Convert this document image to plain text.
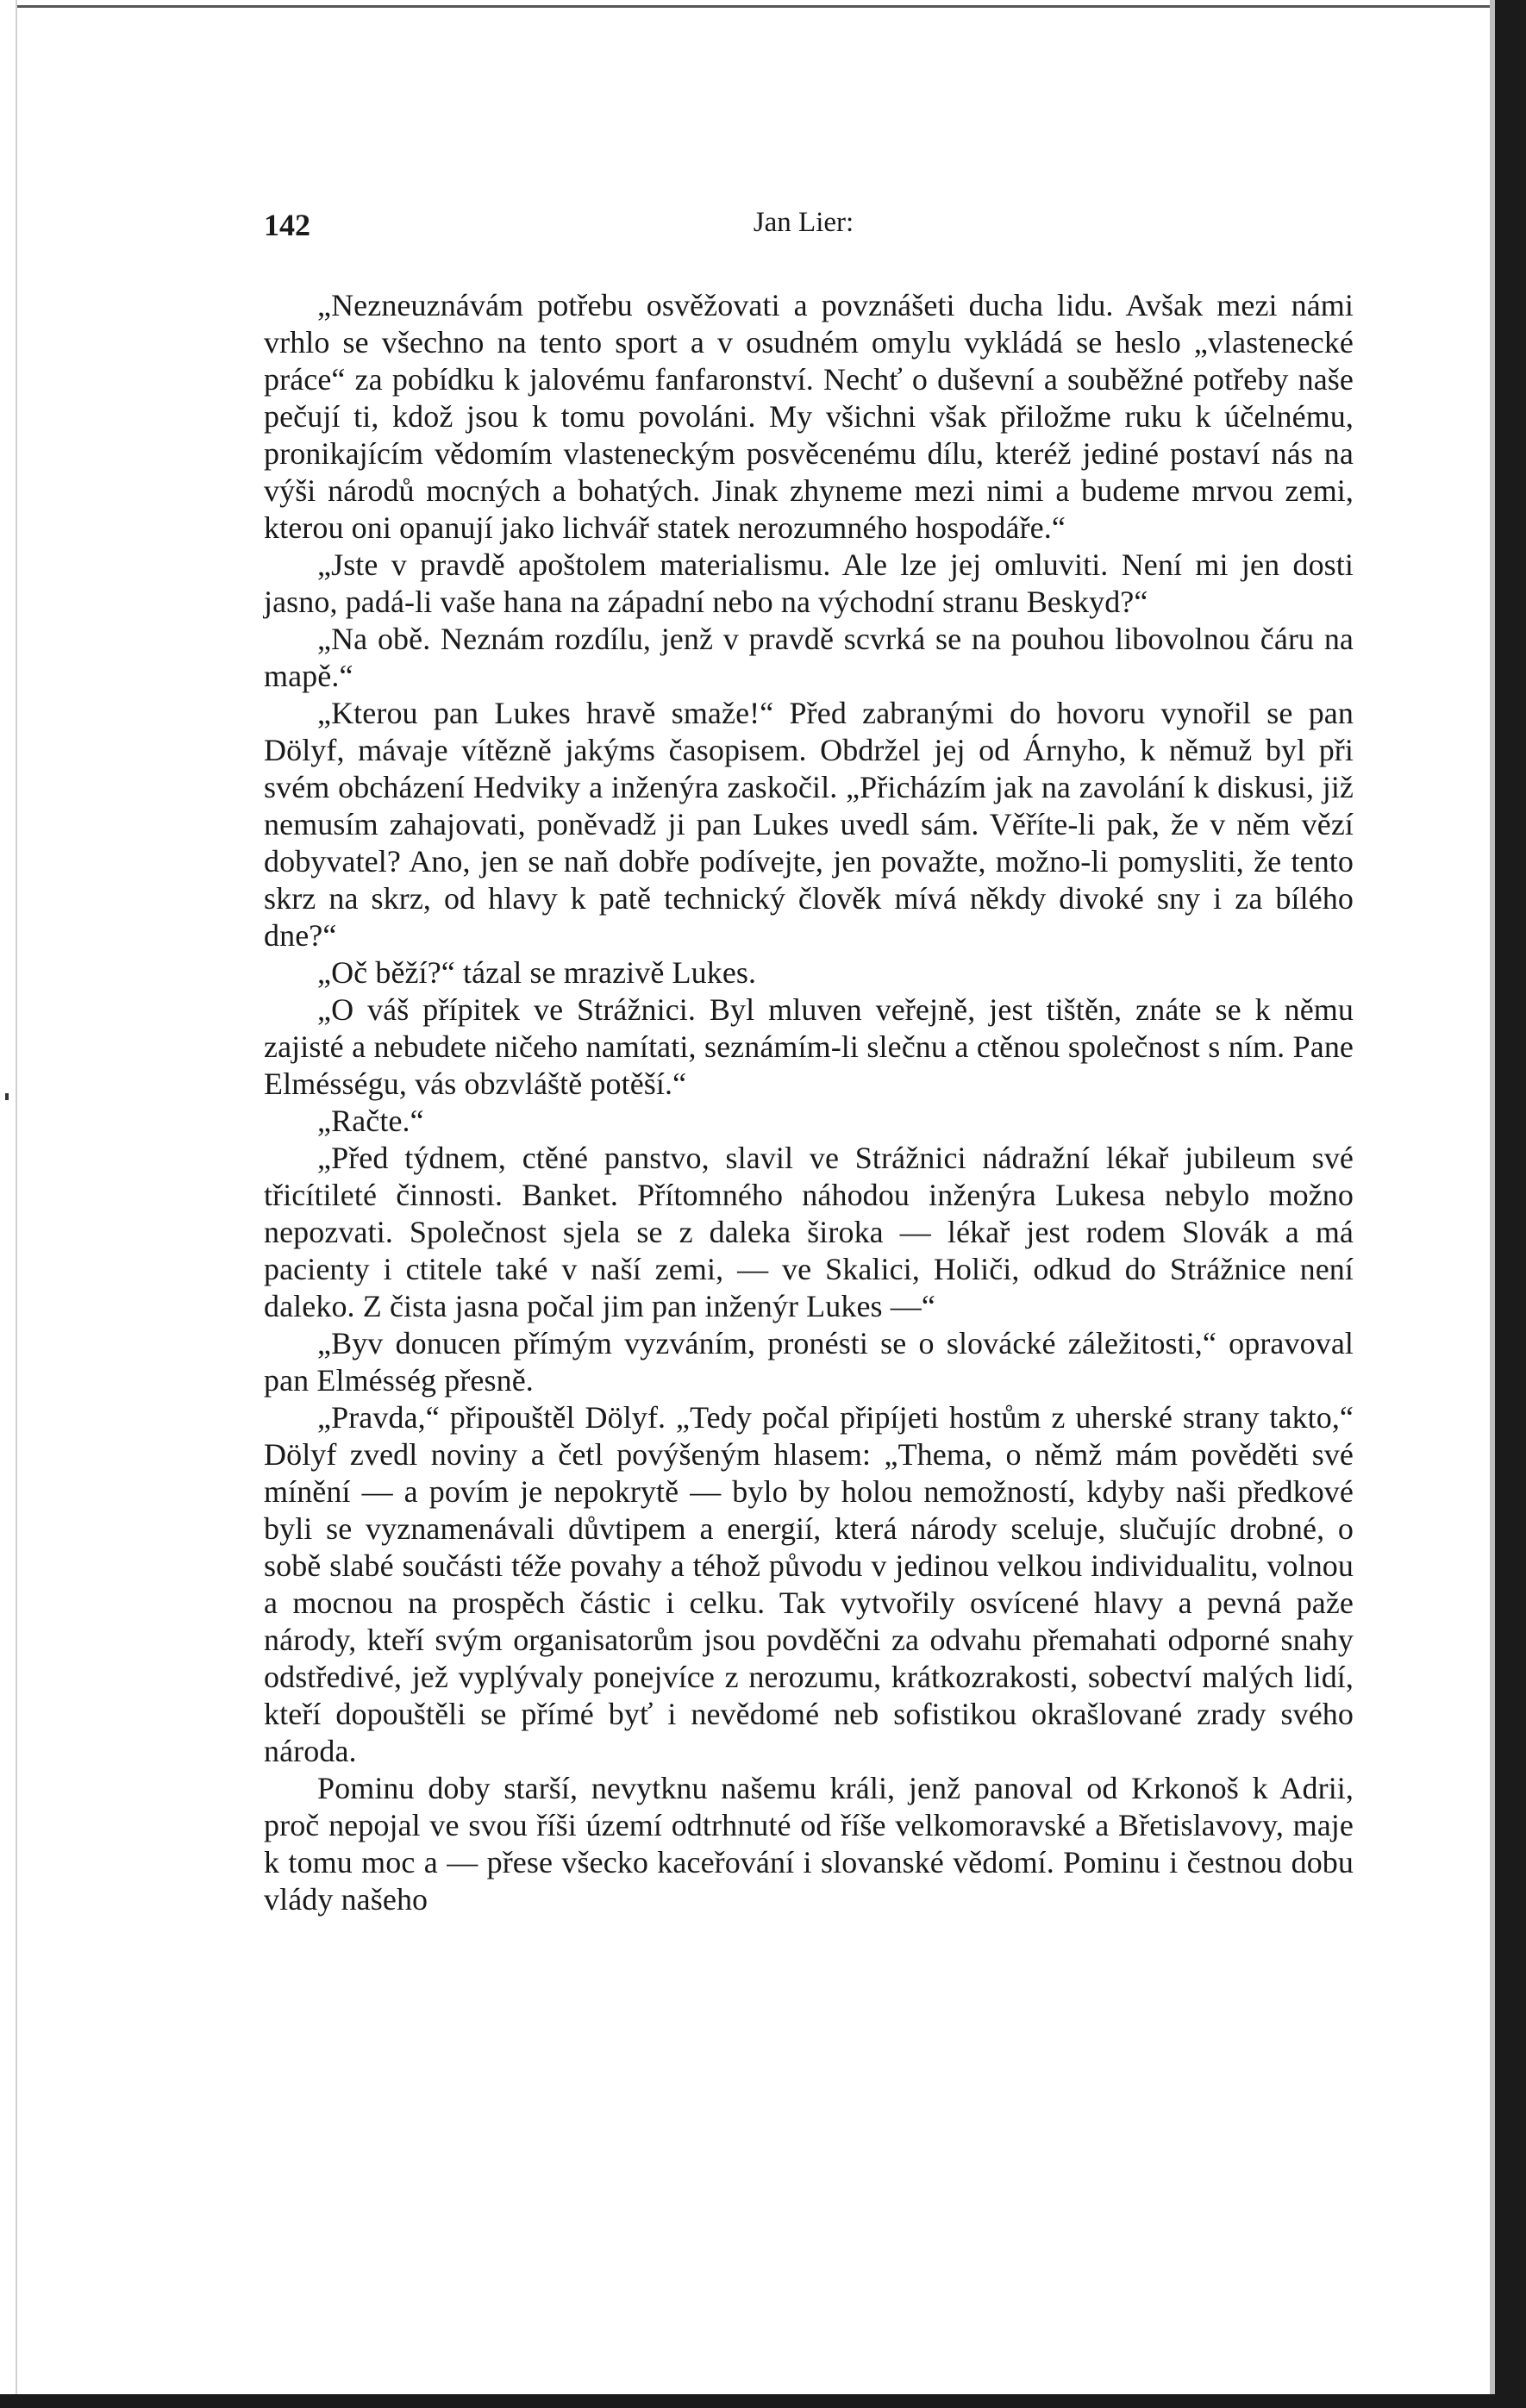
142	Jan Lier:

„Nezneuznávám potřebu osvěžovati a povznášeti ducha lidu. Avšak mezi námi vrhlo se všechno na tento sport a v osudném omylu vykládá se heslo „vlastenecké práce“ za pobídku k jalovému fanfaronství. Nechť o duševní a souběžné potřeby naše pečují ti, kdož jsou k tomu povoláni. My všichni však přiložme ruku k účelnému, pronikajícím vědomím vlasteneckým posvěcenému dílu, kteréž jediné postaví nás na výši národů mocných a bohatých. Jinak zhyneme mezi nimi a budeme mrvou zemi, kterou oni opanují jako lichvář statek nerozumného hospodáře.“

„Jste v pravdě apoštolem materialismu. Ale lze jej omluviti. Není mi jen dosti jasno, padá-li vaše hana na západní nebo na východní stranu Beskyd?“

„Na obě. Neznám rozdílu, jenž v pravdě scvrká se na pouhou libovolnou čáru na mapě.“

„Kterou pan Lukes hravě smaže!“ Před zabranými do hovoru vynořil se pan Dölyf, mávaje vítězně jakýms časopisem. Obdržel jej od Árnyho, k němuž byl při svém obcházení Hedviky a inženýra zaskočil. „Přicházím jak na zavolání k diskusi, již nemusím zahajovati, poněvadž ji pan Lukes uvedl sám. Věříte-li pak, že v něm vězí dobyvatel? Ano, jen se naň dobře podívejte, jen považte, možno-li pomysliti, že tento skrz na skrz, od hlavy k patě technický člověk mívá někdy divoké sny i za bílého dne?“

„Oč běží?“ tázal se mrazivě Lukes.

„O váš přípitek ve Strážnici. Byl mluven veřejně, jest tištěn, znáte se k němu zajisté a nebudete ničeho namítati, seznámím-li slečnu a ctěnou společnost s ním. Pane Elmésségu, vás obzvláště potěší.“

„Račte.“

„Před týdnem, ctěné panstvo, slavil ve Strážnici nádražní lékař jubileum své třicítileté činnosti. Banket. Přítomného náhodou inženýra Lukesa nebylo možno nepozvati. Společnost sjela se z daleka široka — lékař jest rodem Slovák a má pacienty i ctitele také v naší zemi, — ve Skalici, Holiči, odkud do Strážnice není daleko. Z čista jasna počal jim pan inženýr Lukes —“

„Byv donucen přímým vyzváním, pronésti se o slovácké záležitosti,“ opravoval pan Elmésség přesně.

„Pravda,“ připouštěl Dölyf. „Tedy počal připíjeti hostům z uherské strany takto,“ Dölyf zvedl noviny a četl povýšeným hlasem: „Thema, o němž mám pověděti své mínění — a povím je nepokrytě — bylo by holou nemožností, kdyby naši předkové byli se vyznamenávali důvtipem a energií, která národy sceluje, slučujíc drobné, o sobě slabé součásti téže povahy a téhož původu v jedinou velkou individualitu, volnou a mocnou na prospěch částic i celku. Tak vytvořily osvícené hlavy a pevná paže národy, kteří svým organisatorům jsou povděčni za odvahu přemahati odporné snahy odstředivé, jež vyplývaly ponejvíce z nerozumu, krátkozrakosti, sobectví malých lidí, kteří dopouštěli se přímé byť i nevědomé neb sofistikou okrašlované zrady svého národa.

Pominu doby starší, nevytknu našemu králi, jenž panoval od Krkonoš k Adrii, proč nepojal ve svou říši území odtrhnuté od říše velkomoravské a Břetislavovy, maje k tomu moc a — přese všecko kaceřování i slovanské vědomí. Pominu i čestnou dobu vlády našeho
